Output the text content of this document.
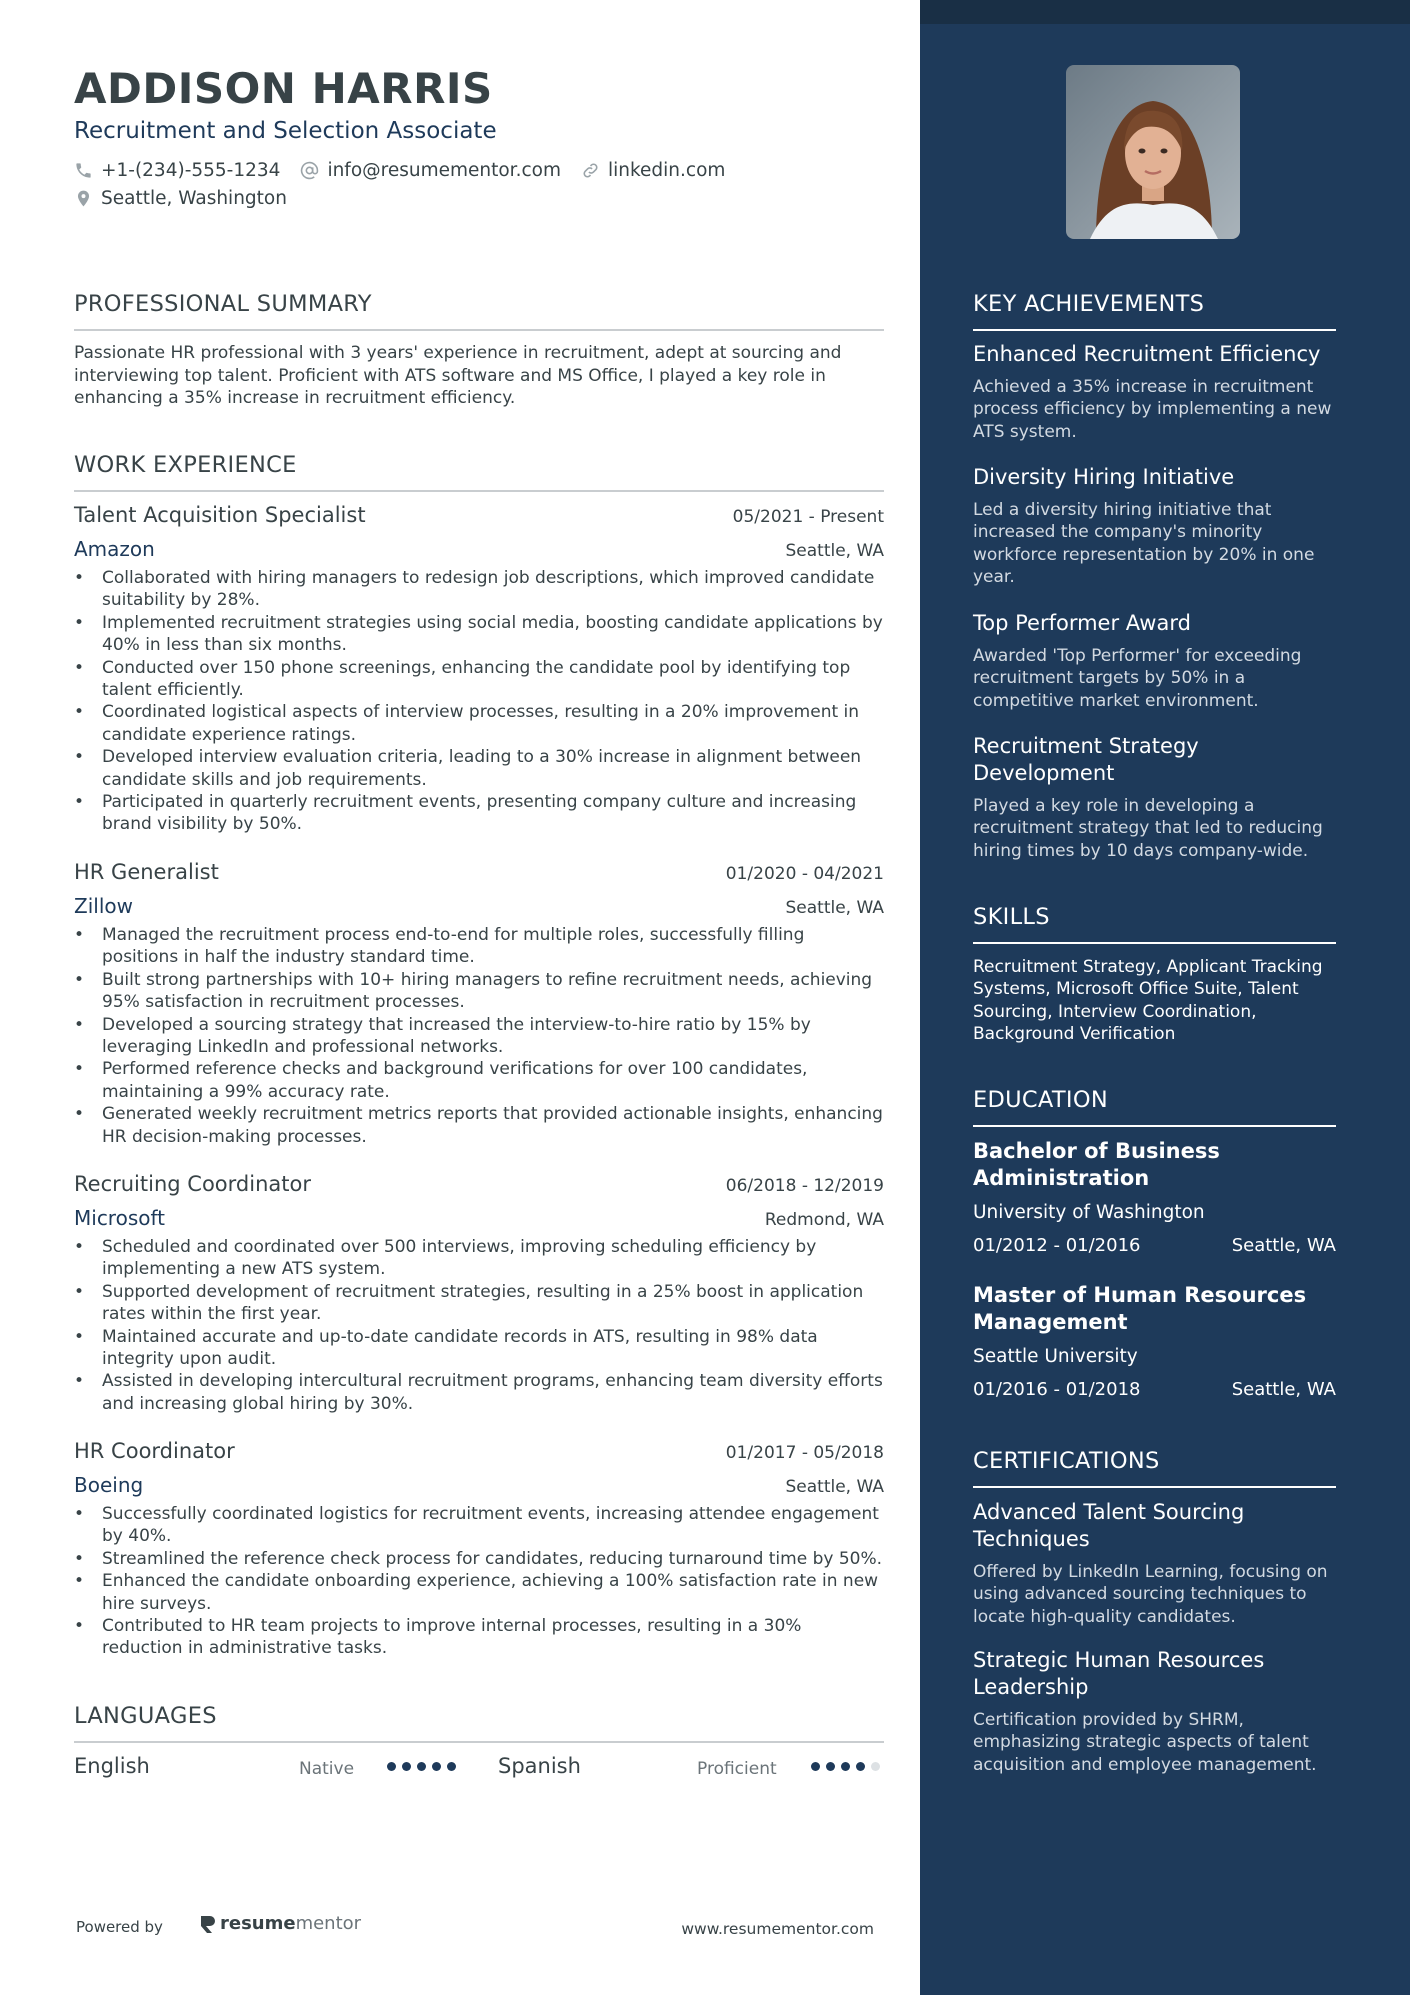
ADDISON HARRIS
Recruitment and Selection Associate
+1-(234)-555-1234	info@resumementor.com	linkedin.com
Seattle, Washington
PROFESSIONAL SUMMARY

Passionate HR professional with 3 years' experience in recruitment, adept at sourcing and interviewing top talent. Proficient with ATS software and MS Office, I played a key role in enhancing a 35% increase in recruitment efficiency.

WORK EXPERIENCE
Talent Acquisition Specialist	05/2021 - Present
Amazon	Seattle, WA
• Collaborated with hiring managers to redesign job descriptions, which improved candidate suitability by 28%.
• Implemented recruitment strategies using social media, boosting candidate applications by 40% in less than six months.
• Conducted over 150 phone screenings, enhancing the candidate pool by identifying top talent efficiently.
• Coordinated logistical aspects of interview processes, resulting in a 20% improvement in candidate experience ratings.
• Developed interview evaluation criteria, leading to a 30% increase in alignment between candidate skills and job requirements.
• Participated in quarterly recruitment events, presenting company culture and increasing brand visibility by 50%.
HR Generalist	01/2020 - 04/2021
Zillow	Seattle, WA
• Managed the recruitment process end-to-end for multiple roles, successfully filling positions in half the industry standard time.
• Built strong partnerships with 10+ hiring managers to refine recruitment needs, achieving 95% satisfaction in recruitment processes.
• Developed a sourcing strategy that increased the interview-to-hire ratio by 15% by leveraging LinkedIn and professional networks.
• Performed reference checks and background verifications for over 100 candidates, maintaining a 99% accuracy rate.
• Generated weekly recruitment metrics reports that provided actionable insights, enhancing HR decision-making processes.
Recruiting Coordinator	06/2018 - 12/2019
Microsoft	Redmond, WA
• Scheduled and coordinated over 500 interviews, improving scheduling efficiency by implementing a new ATS system.
• Supported development of recruitment strategies, resulting in a 25% boost in application rates within the first year.
• Maintained accurate and up-to-date candidate records in ATS, resulting in 98% data integrity upon audit.
• Assisted in developing intercultural recruitment programs, enhancing team diversity efforts and increasing global hiring by 30%.
HR Coordinator	01/2017 - 05/2018
Boeing	Seattle, WA
• Successfully coordinated logistics for recruitment events, increasing attendee engagement by 40%.
• Streamlined the reference check process for candidates, reducing turnaround time by 50%.
• Enhanced the candidate onboarding experience, achieving a 100% satisfaction rate in new hire surveys.
• Contributed to HR team projects to improve internal processes, resulting in a 30% reduction in administrative tasks.
LANGUAGES
English	Native	Spanish	Proficient
Powered by	resume mentor	www.resumementor.com
KEY ACHIEVEMENTS
Enhanced Recruitment Efficiency
Achieved a 35% increase in recruitment process efficiency by implementing a new ATS system.
Diversity Hiring Initiative
Led a diversity hiring initiative that increased the company's minority workforce representation by 20% in one year.
Top Performer Award
Awarded 'Top Performer' for exceeding recruitment targets by 50% in a competitive market environment.
Recruitment Strategy Development
Played a key role in developing a recruitment strategy that led to reducing hiring times by 10 days company-wide.
SKILLS
Recruitment Strategy, Applicant Tracking Systems, Microsoft Office Suite, Talent Sourcing, Interview Coordination, Background Verification
EDUCATION
Bachelor of Business Administration
University of Washington
01/2012 - 01/2016	Seattle, WA
Master of Human Resources Management
Seattle University
01/2016 - 01/2018	Seattle, WA
CERTIFICATIONS
Advanced Talent Sourcing Techniques
Offered by LinkedIn Learning, focusing on using advanced sourcing techniques to locate high-quality candidates.
Strategic Human Resources Leadership
Certification provided by SHRM, emphasizing strategic aspects of talent acquisition and employee management.
